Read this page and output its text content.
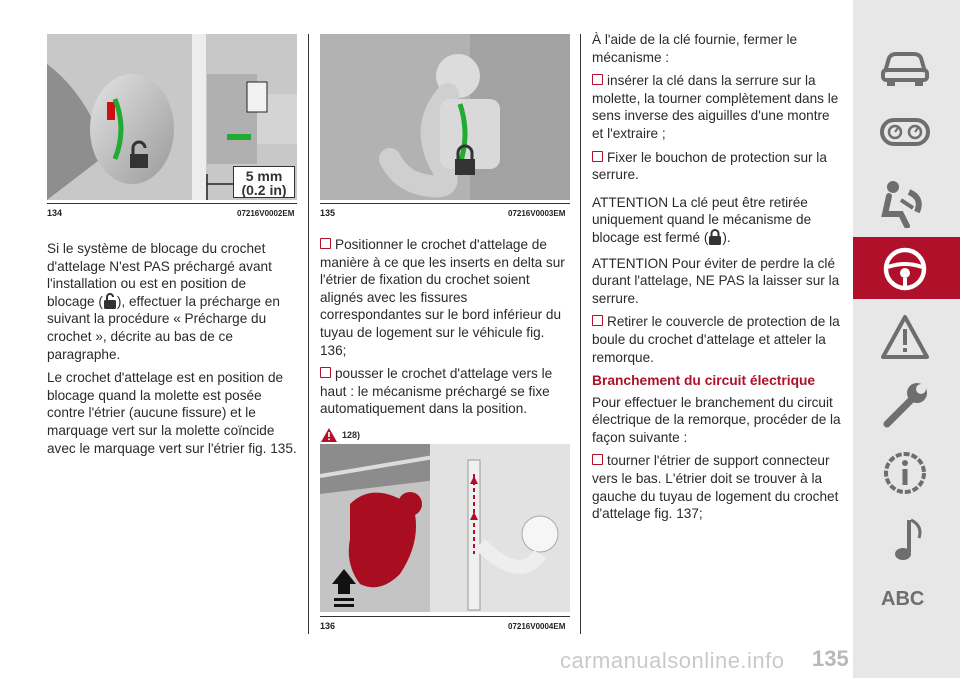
5 mm
(0.2 in)
134	07216V0002EM	135	07216V0003EM

Si le système de blocage du crochet d'attelage N'est PAS préchargé avant l'installation ou est en position de blocage ( ), effectuer la précharge en suivant la procédure « Précharge du crochet », décrite au bas de ce paragraphe.

Le crochet d'attelage est en position de blocage quand la molette est posée contre l'étrier (aucune fissure) et le marquage vert sur la molette coïncide avec le marquage vert sur l'étrier fig. 135.

Positionner le crochet d'attelage de manière à ce que les inserts en delta sur l'étrier de fixation du crochet soient alignés avec les fissures correspondantes sur le bord inférieur du tuyau de logement sur le véhicule fig. 136;

pousser le crochet d'attelage vers le haut : le mécanisme préchargé se fixe automatiquement dans la position.

128)
136	07216V0004EM

À l'aide de la clé fournie, fermer le mécanisme :

insérer la clé dans la serrure sur la molette, la tourner complètement dans le sens inverse des aiguilles d'une montre et l'extraire ;

Fixer le bouchon de protection sur la serrure.

ATTENTION La clé peut être retirée uniquement quand le mécanisme de blocage est fermé ( ).

ATTENTION Pour éviter de perdre la clé durant l'attelage, NE PAS la laisser sur la serrure.

Retirer le couvercle de protection de la boule du crochet d'attelage et atteler la remorque.

Branchement du circuit électrique

Pour effectuer le branchement du circuit électrique de la remorque, procéder de la façon suivante :

tourner l'étrier de support connecteur vers le bas. L'étrier doit se trouver à la gauche du tuyau de logement du crochet d'attelage fig. 137;

ABC
carmanualsonline.info 135
